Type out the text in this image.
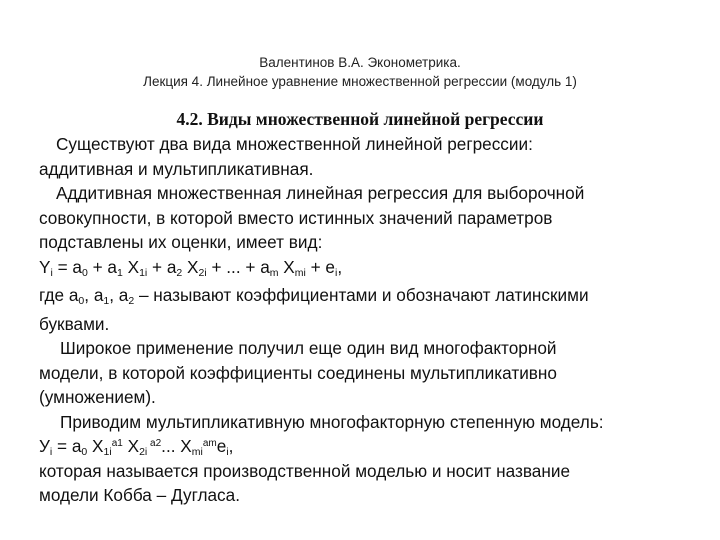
Валентинов В.А. Эконометрика.
Лекция 4. Линейное уравнение множественной регрессии (модуль 1)
4.2. Виды множественной линейной регрессии
Существуют два вида множественной линейной регрессии:
аддитивная и мультипликативная.
Аддитивная множественная линейная регрессия для выборочной
совокупности, в которой вместо истинных значений параметров
подставлены их оценки, имеет вид:
$Y_i = a_0 + a_1$ $X_{1i} + a_2$ $X_{2i}$ + ... + $a_m$ $X_{mi} + e_i$,
где $a_0$, $a_1$, $a_2$ – называют коэффициентами и обозначают латинскими
буквами.
Широкое применение получил еще один вид многофакторной
модели, в которой коэффициенты соединены мультипликативно
(умножением).
Приводим мультипликативную многофакторную степенную модель:
$У_i = a_0$ $X_{1i}^{a1}$ $X_{2i}$ $^{a2}$... $X_{mi}^{am}e_i$,
которая называется производственной моделью и носит название
модели Кобба – Дугласа.
